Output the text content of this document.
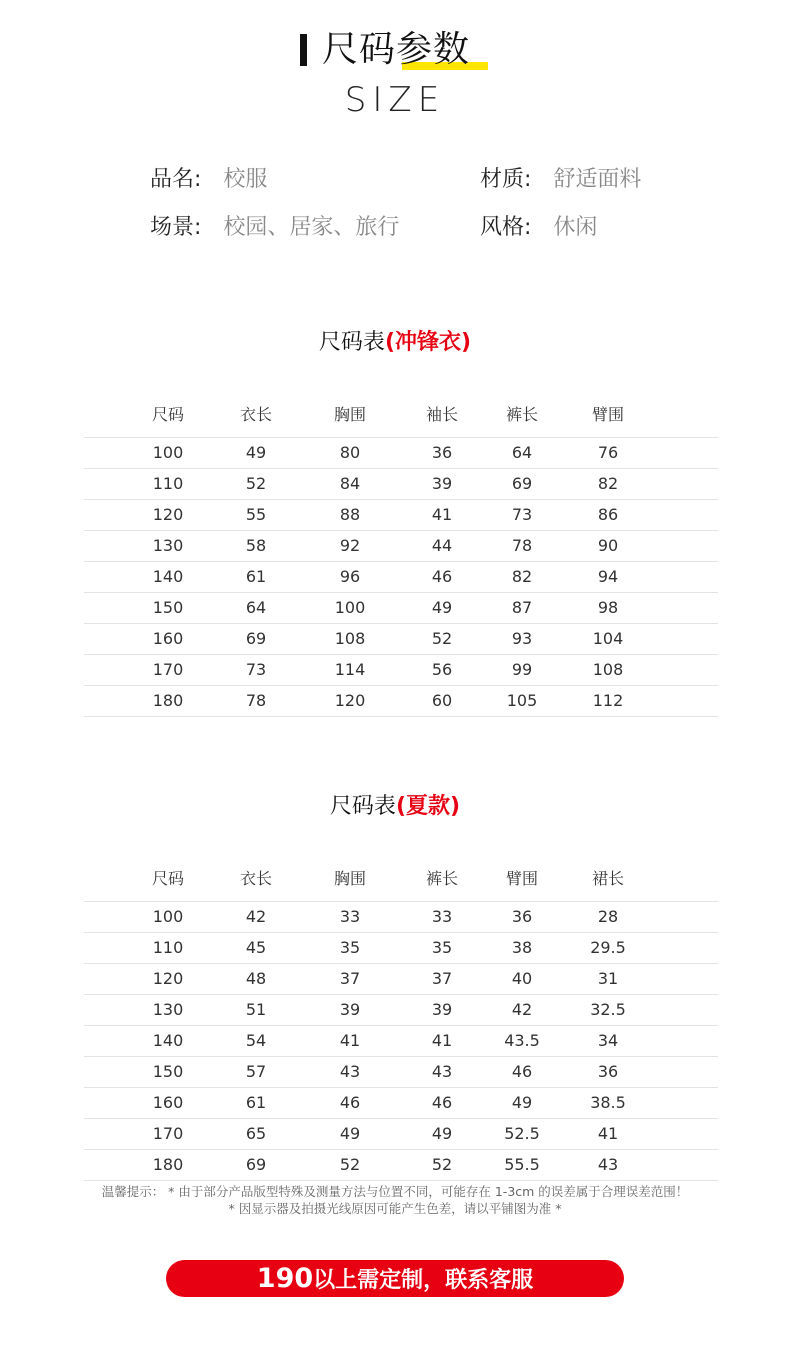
尺码参数
SIZE
品名: 校服	材质: 舒适面料
场景: 校园、居家、旅行	风格: 休闲
尺码表(冲锋衣)
尺码	衣长	胸围	袖长	裤长	臂围
100	49	80	36	64	76
110	52	84	39	69	82
120	55	88	41	73	86
130	58	92	44	78	90
140	61	96	46	82	94
150	64	100	49	87	98
160	69	108	52	93	104
170	73	114	56	99	108
180	78	120	60	105	112
尺码表(夏款)
尺码	衣长	胸围	裤长	臂围	裙长
100	42	33	33	36	28
110	45	35	35	38	29.5
120	48	37	37	40	31
130	51	39	39	42	32.5
140	54	41	41	43.5	34
150	57	43	43	46	36
160	61	46	46	49	38.5
170	65	49	49	52.5	41
180	69	52	52	55.5	43
温馨提示： * 由于部分产品版型特殊及测量方法与位置不同，可能存在 1-3cm 的误差属于合理误差范围！
* 因显示器及拍摄光线原因可能产生色差，请以平铺图为准 *
190以上需定制，联系客服
